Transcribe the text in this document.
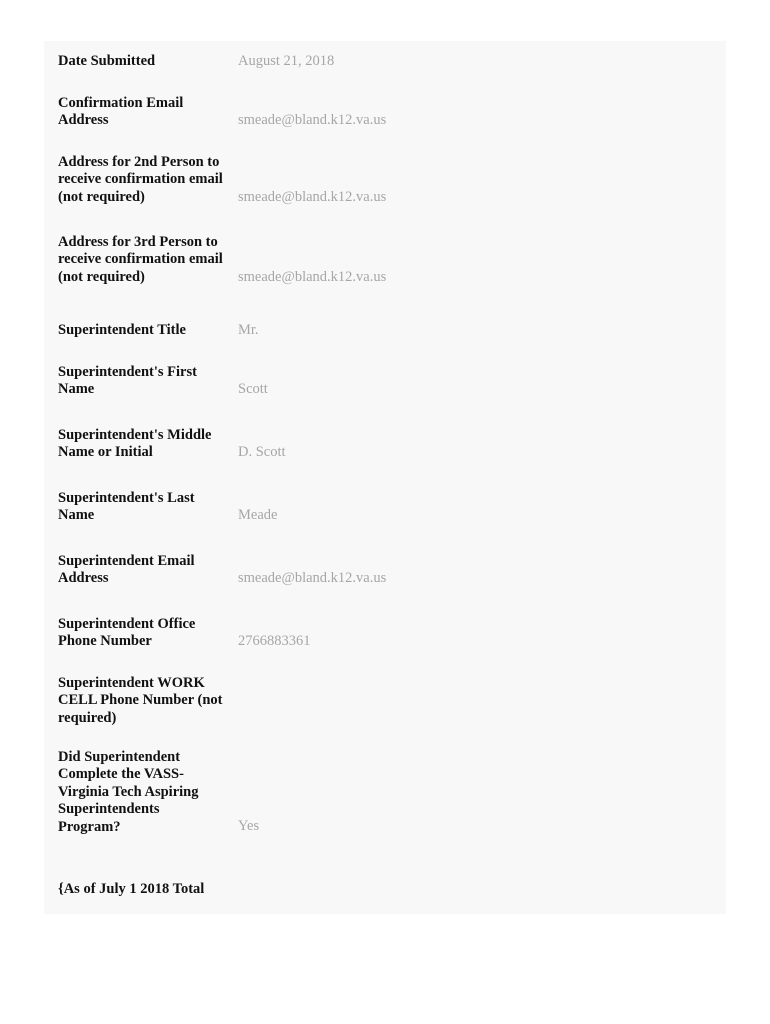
Date Submitted	August 21, 2018
Confirmation Email Address	smeade@bland.k12.va.us
Address for 2nd Person to receive confirmation email (not required)	smeade@bland.k12.va.us
Address for 3rd Person to receive confirmation email (not required)	smeade@bland.k12.va.us
Superintendent Title	Mr.
Superintendent's First Name	Scott
Superintendent's Middle Name or Initial	D. Scott
Superintendent's Last Name	Meade
Superintendent Email Address	smeade@bland.k12.va.us
Superintendent Office Phone Number	2766883361
Superintendent WORK CELL Phone Number (not required)
Did Superintendent Complete the VASS-Virginia Tech Aspiring Superintendents Program?	Yes
{As of July 1 2018 Total
